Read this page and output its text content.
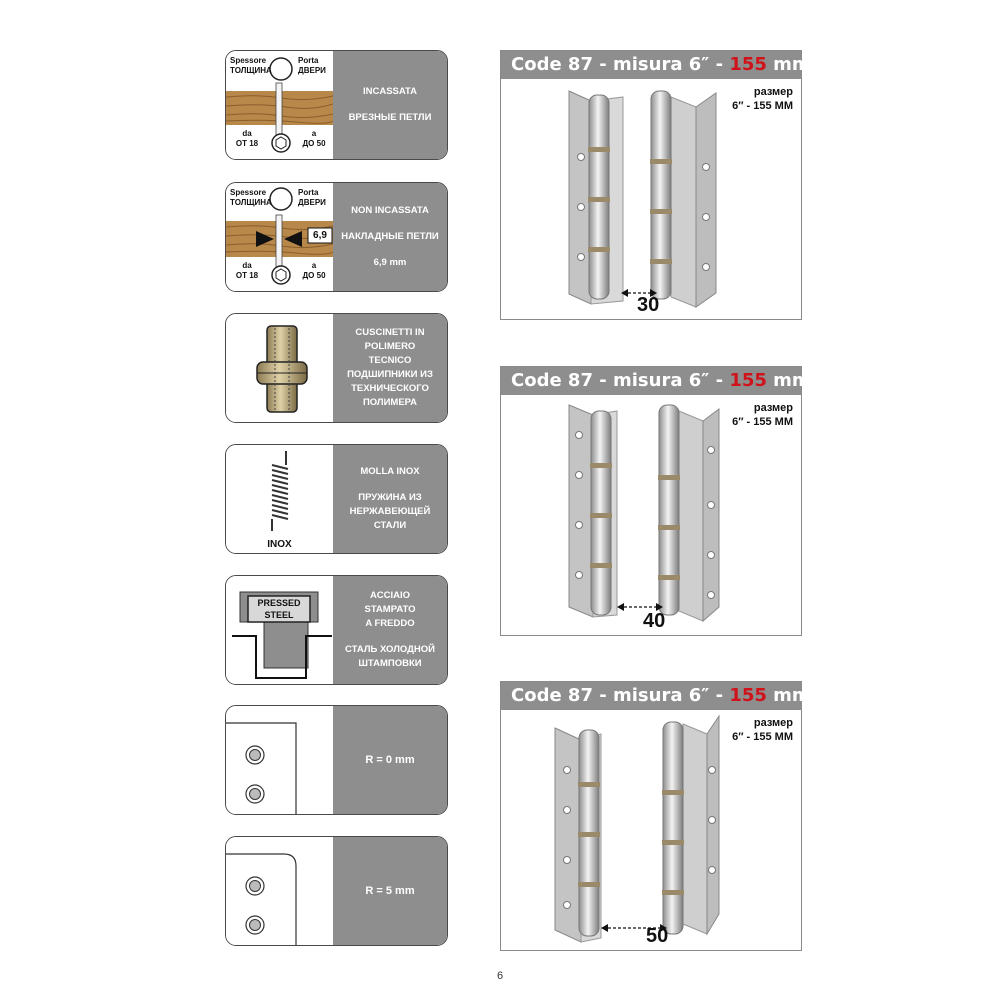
Spessore
ТОЛЩИНА
Porta
ДВЕРИ
da
ОТ 18
a
ДО 50
INCASSATA
ВРЕЗНЫЕ ПЕТЛИ
6,9
Spessore
ТОЛЩИНА
Porta
ДВЕРИ
da
ОТ 18
a
ДО 50
NON INCASSATA
НАКЛАДНЫЕ ПЕТЛИ
6,9 mm
CUSCINETTI IN
POLIMERO
TECNICO
ПОДШИПНИКИ ИЗ
ТЕХНИЧЕСКОГО
ПОЛИМЕРА
INOX
MOLLA INOX
ПРУЖИНА ИЗ
НЕРЖАВЕЮЩЕЙ
СТАЛИ
PRESSED
STEEL
ACCIAIO
STAMPATO
A FREDDO
СТАЛЬ ХОЛОДНОЙ
ШТАМПОВКИ
R = 0 mm
R = 5 mm
Code 87 - misura 6″ - 155 mm
размер
6″ - 155 ММ
30
Code 87 - misura 6″ - 155 mm
размер
6″ - 155 ММ
40
Code 87 - misura 6″ - 155 mm
размер
6″ - 155 ММ
50
6
